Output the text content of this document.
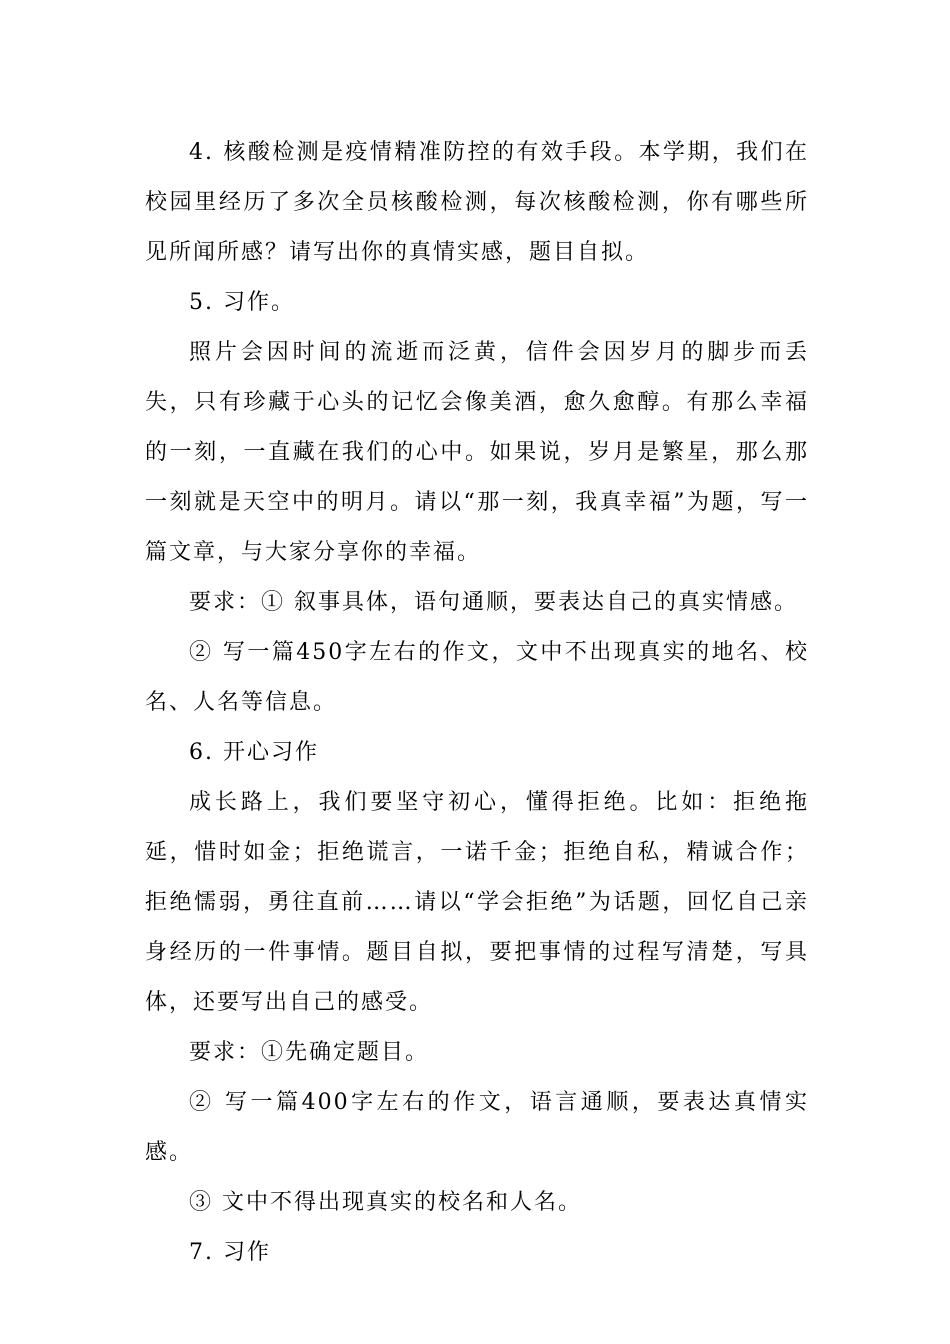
4. 核酸检测是疫情精准防控的有效手段。本学期，我们在校园里经历了多次全员核酸检测，每次核酸检测，你有哪些所见所闻所感？请写出你的真情实感，题目自拟。

5. 习作。

照片会因时间的流逝而泛黄，信件会因岁月的脚步而丢失，只有珍藏于心头的记忆会像美酒，愈久愈醇。有那么幸福的一刻，一直藏在我们的心中。如果说，岁月是繁星，那么那一刻就是天空中的明月。请以“那一刻，我真幸福”为题，写一篇文章，与大家分享你的幸福。

要求：① 叙事具体，语句通顺，要表达自己的真实情感。

② 写一篇450字左右的作文，文中不出现真实的地名、校名、人名等信息。

6. 开心习作

成长路上，我们要坚守初心，懂得拒绝。比如：拒绝拖延，惜时如金；拒绝谎言，一诺千金；拒绝自私，精诚合作；拒绝懦弱，勇往直前……请以“学会拒绝”为话题，回忆自己亲身经历的一件事情。题目自拟，要把事情的过程写清楚，写具体，还要写出自己的感受。

要求：①先确定题目。

② 写一篇400字左右的作文，语言通顺，要表达真情实感。

③ 文中不得出现真实的校名和人名。

7. 习作
